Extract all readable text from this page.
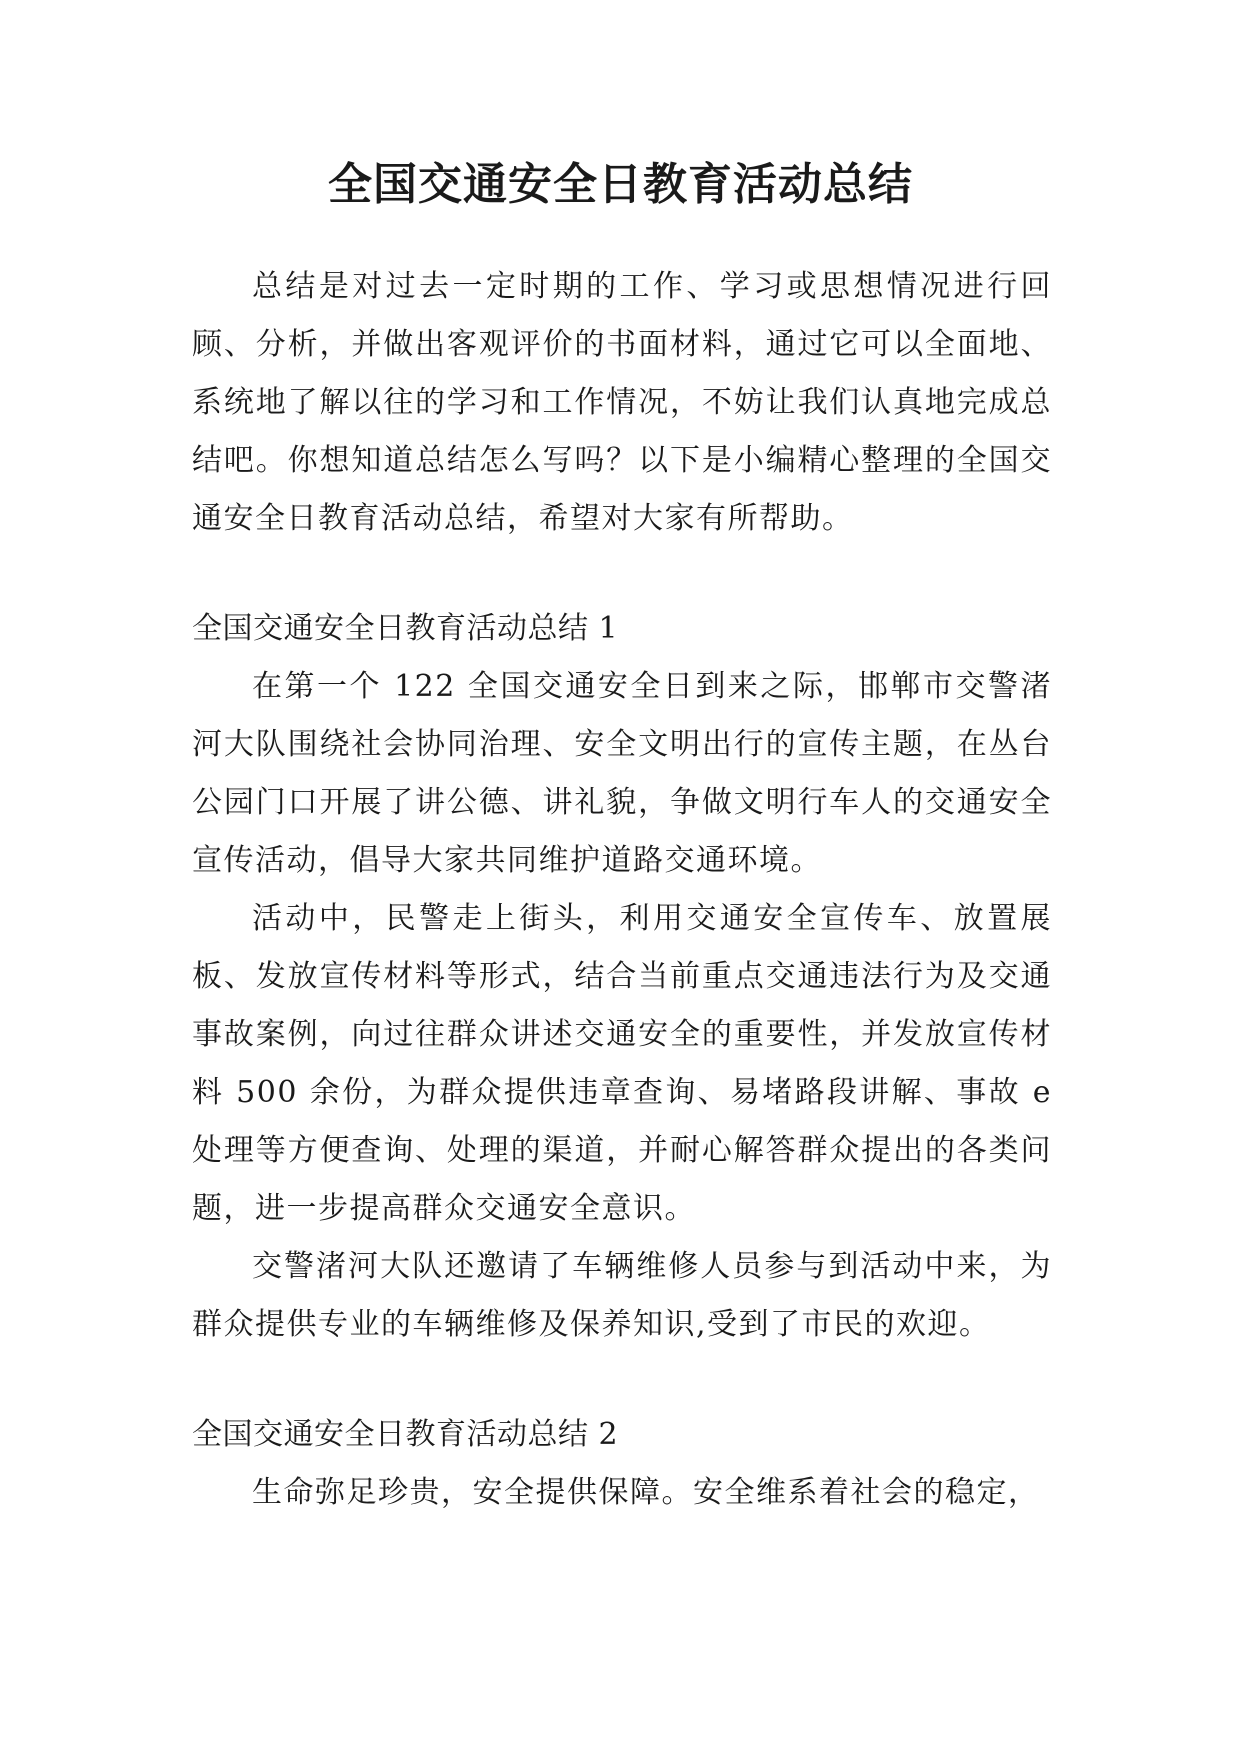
全国交通安全日教育活动总结

总结是对过去一定时期的工作、学习或思想情况进行回顾、分析，并做出客观评价的书面材料，通过它可以全面地、系统地了解以往的学习和工作情况，不妨让我们认真地完成总结吧。你想知道总结怎么写吗？以下是小编精心整理的全国交通安全日教育活动总结，希望对大家有所帮助。

全国交通安全日教育活动总结 1

在第一个 122 全国交通安全日到来之际，邯郸市交警渚河大队围绕社会协同治理、安全文明出行的宣传主题，在丛台公园门口开展了讲公德、讲礼貌，争做文明行车人的交通安全宣传活动，倡导大家共同维护道路交通环境。

活动中，民警走上街头，利用交通安全宣传车、放置展板、发放宣传材料等形式，结合当前重点交通违法行为及交通事故案例，向过往群众讲述交通安全的重要性，并发放宣传材料 500 余份，为群众提供违章查询、易堵路段讲解、事故 e 处理等方便查询、处理的渠道，并耐心解答群众提出的各类问题，进一步提高群众交通安全意识。

交警渚河大队还邀请了车辆维修人员参与到活动中来，为群众提供专业的车辆维修及保养知识,受到了市民的欢迎。

全国交通安全日教育活动总结 2

生命弥足珍贵，安全提供保障。安全维系着社会的稳定，
